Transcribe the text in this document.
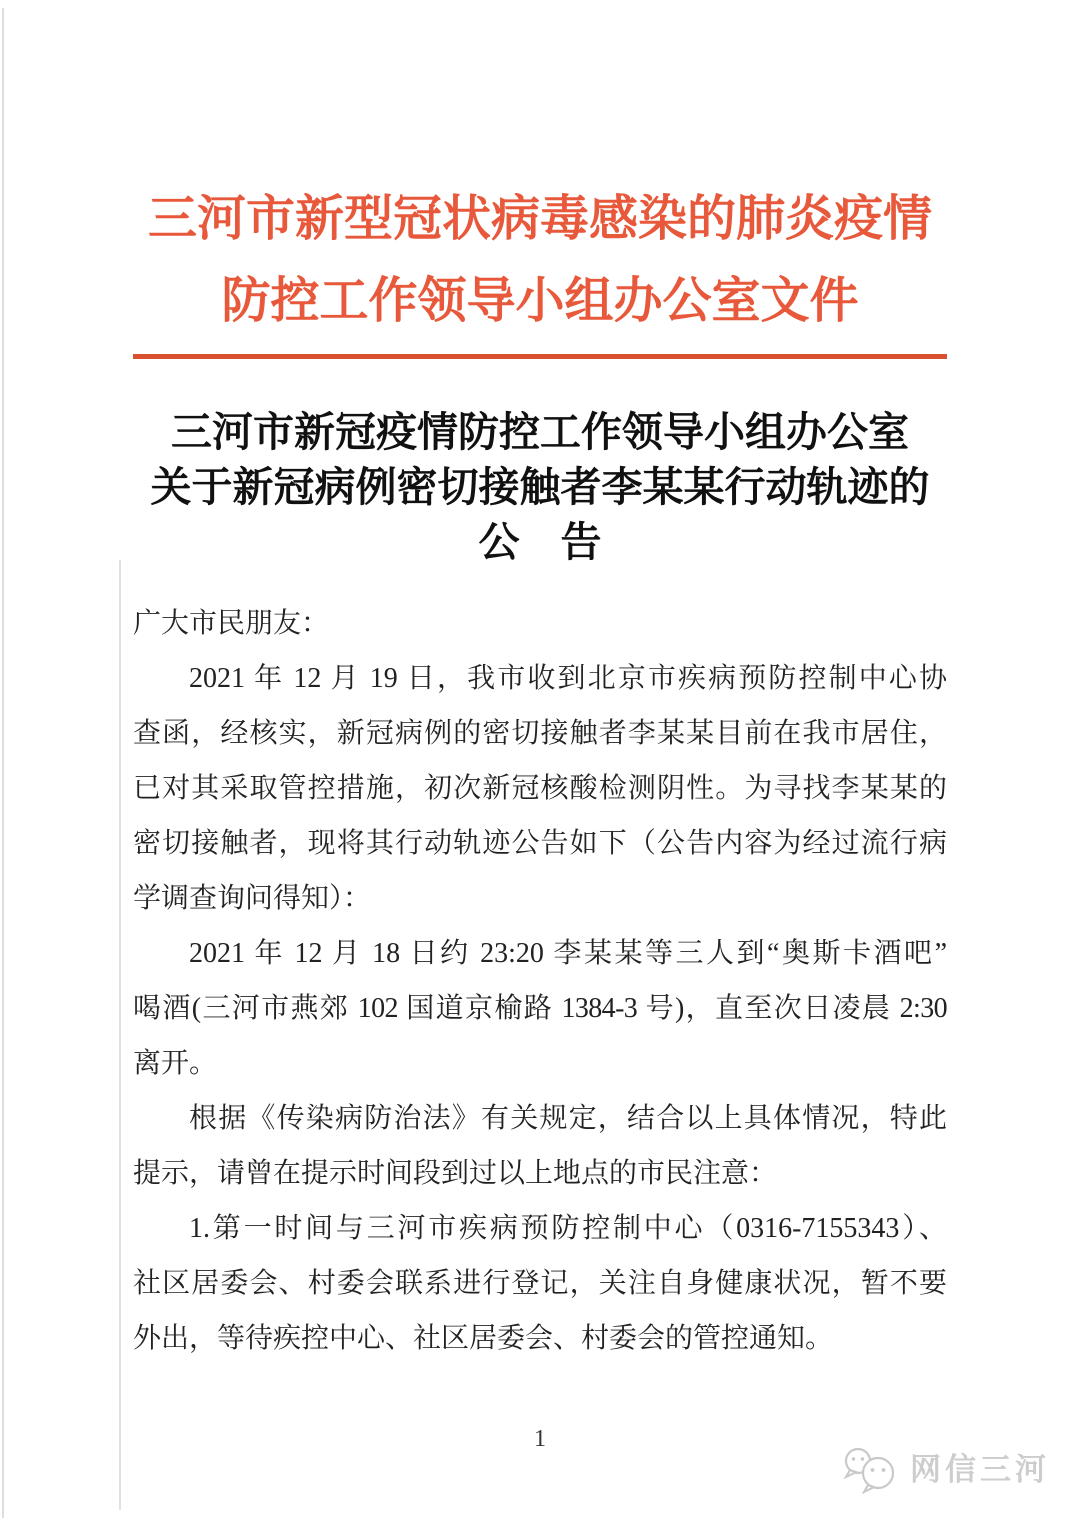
三河市新型冠状病毒感染的肺炎疫情
防控工作领导小组办公室文件
三河市新冠疫情防控工作领导小组办公室
关于新冠病例密切接触者李某某行动轨迹的
公　告
广大市民朋友：
2021 年 12 月 19 日，我市收到北京市疾病预防控制中心协
查函，经核实，新冠病例的密切接触者李某某目前在我市居住，
已对其采取管控措施，初次新冠核酸检测阴性。为寻找李某某的
密切接触者，现将其行动轨迹公告如下（公告内容为经过流行病
学调查询问得知）：
2021 年 12 月 18 日约 23:20 李某某等三人到“奥斯卡酒吧”
喝酒(三河市燕郊 102 国道京榆路 1384-3 号)，直至次日凌晨 2:30
离开。
根据《传染病防治法》有关规定，结合以上具体情况，特此
提示，请曾在提示时间段到过以上地点的市民注意：
1.第一时间与三河市疾病预防控制中心（0316-7155343）、
社区居委会、村委会联系进行登记，关注自身健康状况，暂不要
外出，等待疾控中心、社区居委会、村委会的管控通知。
1
网信三河
